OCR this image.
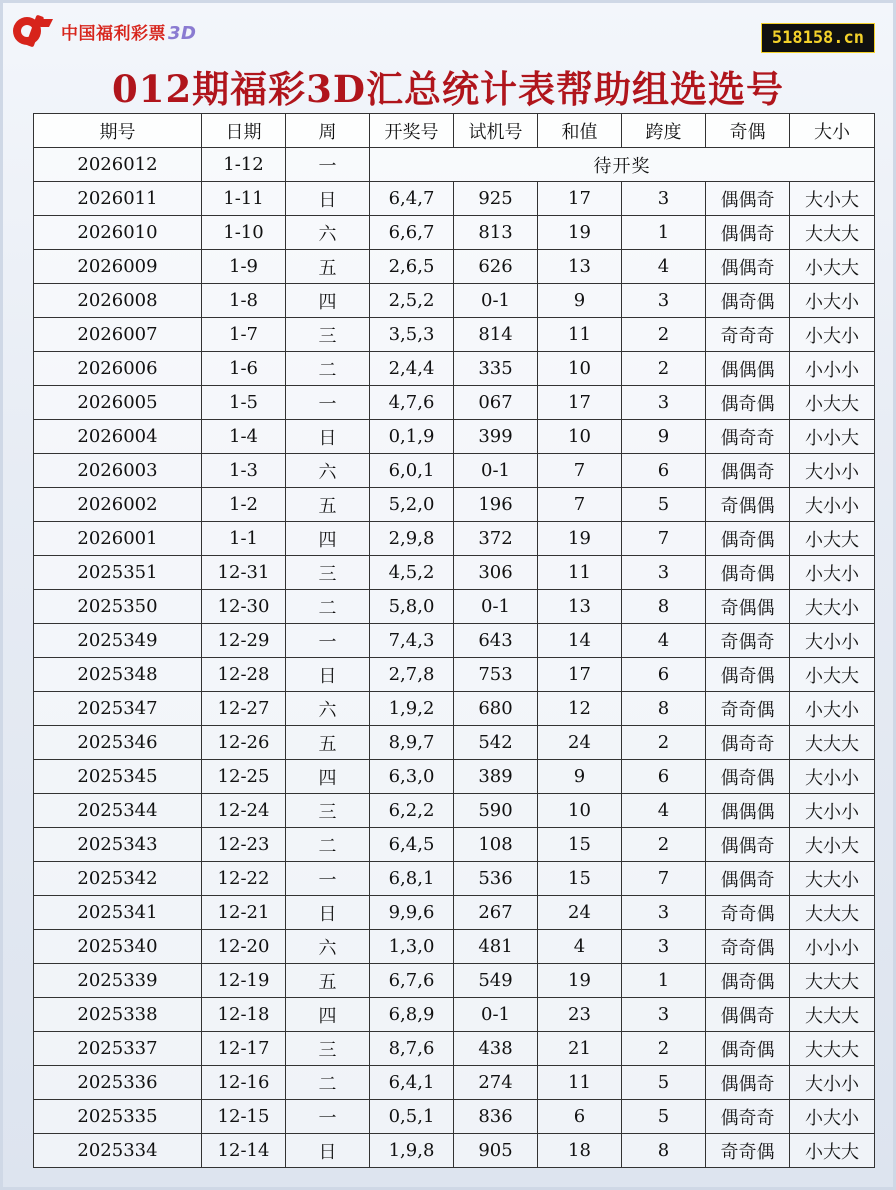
中国福利彩票 3D	518158.cn
012期福彩3D汇总统计表帮助组选选号
期号	日期	周	开奖号	试机号	和值	跨度	奇偶	大小
2026012	1-12	一	待开奖					
2026011	1-11	日	6,4,7	925	17	3	偶偶奇	大小大
2026010	1-10	六	6,6,7	813	19	1	偶偶奇	大大大
2026009	1-9	五	2,6,5	626	13	4	偶偶奇	小大大
2026008	1-8	四	2,5,2	0-1	9	3	偶奇偶	小大小
2026007	1-7	三	3,5,3	814	11	2	奇奇奇	小大小
2026006	1-6	二	2,4,4	335	10	2	偶偶偶	小小小
2026005	1-5	一	4,7,6	067	17	3	偶奇偶	小大大
2026004	1-4	日	0,1,9	399	10	9	偶奇奇	小小大
2026003	1-3	六	6,0,1	0-1	7	6	偶偶奇	大小小
2026002	1-2	五	5,2,0	196	7	5	奇偶偶	大小小
2026001	1-1	四	2,9,8	372	19	7	偶奇偶	小大大
2025351	12-31	三	4,5,2	306	11	3	偶奇偶	小大小
2025350	12-30	二	5,8,0	0-1	13	8	奇偶偶	大大小
2025349	12-29	一	7,4,3	643	14	4	奇偶奇	大小小
2025348	12-28	日	2,7,8	753	17	6	偶奇偶	小大大
2025347	12-27	六	1,9,2	680	12	8	奇奇偶	小大小
2025346	12-26	五	8,9,7	542	24	2	偶奇奇	大大大
2025345	12-25	四	6,3,0	389	9	6	偶奇偶	大小小
2025344	12-24	三	6,2,2	590	10	4	偶偶偶	大小小
2025343	12-23	二	6,4,5	108	15	2	偶偶奇	大小大
2025342	12-22	一	6,8,1	536	15	7	偶偶奇	大大小
2025341	12-21	日	9,9,6	267	24	3	奇奇偶	大大大
2025340	12-20	六	1,3,0	481	4	3	奇奇偶	小小小
2025339	12-19	五	6,7,6	549	19	1	偶奇偶	大大大
2025338	12-18	四	6,8,9	0-1	23	3	偶偶奇	大大大
2025337	12-17	三	8,7,6	438	21	2	偶奇偶	大大大
2025336	12-16	二	6,4,1	274	11	5	偶偶奇	大小小
2025335	12-15	一	0,5,1	836	6	5	偶奇奇	小大小
2025334	12-14	日	1,9,8	905	18	8	奇奇偶	小大大
